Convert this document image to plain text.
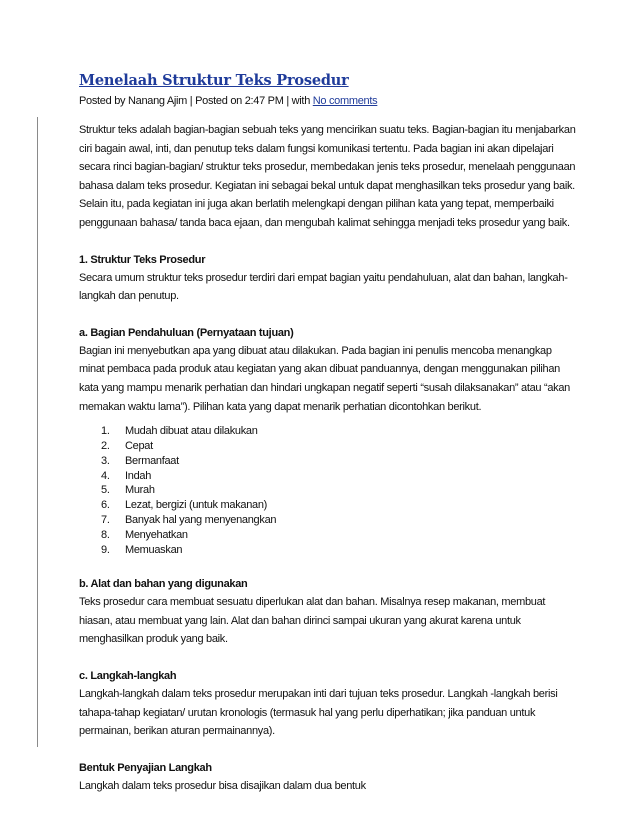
Menelaah Struktur Teks Prosedur
Posted by Nanang Ajim | Posted on 2:47 PM | with No comments

Struktur teks adalah bagian-bagian sebuah teks yang mencirikan suatu teks. Bagian-bagian itu menjabarkan ciri bagain awal, inti, dan penutup teks dalam fungsi komunikasi tertentu. Pada bagian ini akan dipelajari secara rinci bagian-bagian/ struktur teks prosedur, membedakan jenis teks prosedur, menelaah penggunaan bahasa dalam teks prosedur. Kegiatan ini sebagai bekal untuk dapat menghasilkan teks prosedur yang baik. Selain itu, pada kegiatan ini juga akan berlatih melengkapi dengan pilihan kata yang tepat, memperbaiki penggunaan bahasa/ tanda baca ejaan, dan mengubah kalimat sehingga menjadi teks prosedur yang baik.

1. Struktur Teks Prosedur

Secara umum struktur teks prosedur terdiri dari empat bagian yaitu pendahuluan, alat dan bahan, langkah-langkah dan penutup.

a. Bagian Pendahuluan (Pernyataan tujuan)

Bagian ini menyebutkan apa yang dibuat atau dilakukan. Pada bagian ini penulis mencoba menangkap minat pembaca pada produk atau kegiatan yang akan dibuat panduannya, dengan menggunakan pilihan kata yang mampu menarik perhatian dan hindari ungkapan negatif seperti “susah dilaksanakan” atau “akan memakan waktu lama”). Pilihan kata yang dapat menarik perhatian dicontohkan berikut.

1.	Mudah dibuat atau dilakukan
2.	Cepat
3.	Bermanfaat
4.	Indah
5.	Murah
6.	Lezat, bergizi (untuk makanan)
7.	Banyak hal yang menyenangkan
8.	Menyehatkan
9.	Memuaskan
b. Alat dan bahan yang digunakan

Teks prosedur cara membuat sesuatu diperlukan alat dan bahan. Misalnya resep makanan, membuat hiasan, atau membuat yang lain. Alat dan bahan dirinci sampai ukuran yang akurat karena untuk menghasilkan produk yang baik.

c. Langkah-langkah

Langkah-langkah dalam teks prosedur merupakan inti dari tujuan teks prosedur. Langkah -langkah berisi tahapa-tahap kegiatan/ urutan kronologis (termasuk hal yang perlu diperhatikan; jika panduan untuk permainan, berikan aturan permainannya).

Bentuk Penyajian Langkah

Langkah dalam teks prosedur bisa disajikan dalam dua bentuk
